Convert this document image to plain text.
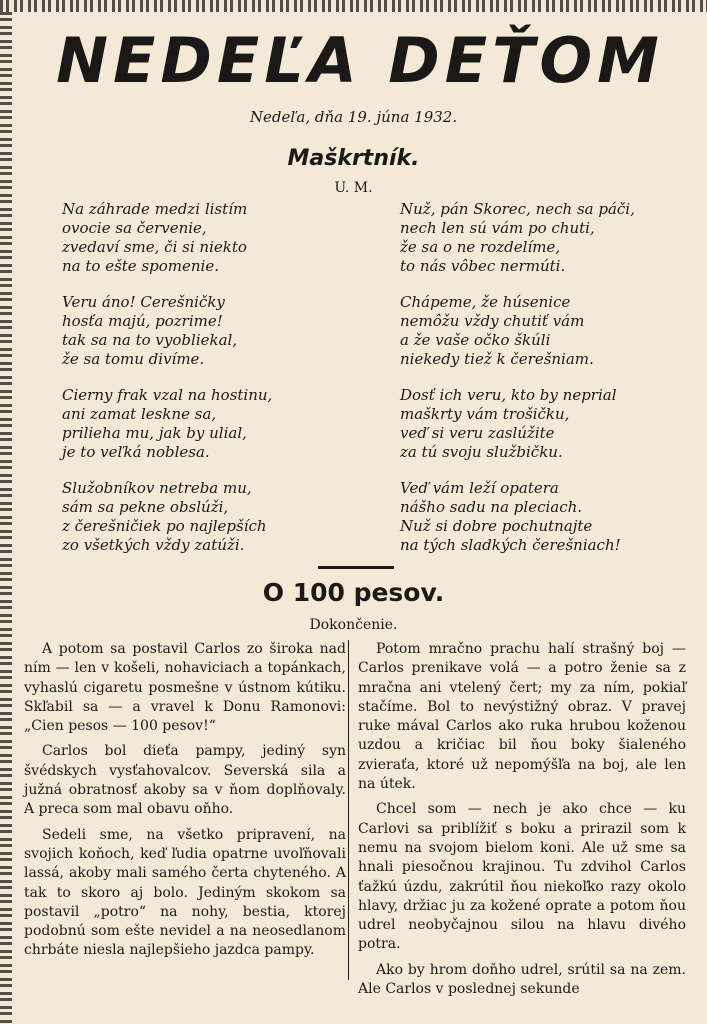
NEDEĽA DEŤOM
Nedeľa, dňa 19. júna 1932.
Maškrtník.
U. M.
Na záhrade medzi listím
ovocie sa červenie,
zvedaví sme, či si niekto
na to ešte spomenie.
Veru áno! Cerešničky
hosťa majú, pozrime!
tak sa na to vyobliekal,
že sa tomu divíme.
Cierny frak vzal na hostinu,
ani zamat leskne sa,
prilieha mu, jak by ulial,
je to veľká noblesa.
Služobníkov netreba mu,
sám sa pekne obslúži,
z čerešničiek po najlepších
zo všetkých vždy zatúži.
Nuž, pán Skorec, nech sa páči,
nech len sú vám po chuti,
že sa o ne rozdelíme,
to nás vôbec nermúti.
Chápeme, že húsenice
nemôžu vždy chutiť vám
a že vaše očko škúli
niekedy tiež k čerešniam.
Dosť ich veru, kto by neprial
maškrty vám trošičku,
veď si veru zaslúžite
za tú svoju službičku.
Veď vám leží opatera
nášho sadu na pleciach.
Nuž si dobre pochutnajte
na tých sladkých čerešniach!
O 100 pesov.
Dokončenie.

A potom sa postavil Carlos zo široka nad ním — len v košeli, nohaviciach a topánkach, vyhaslú cigaretu posmešne v ústnom kútiku. Skľabil sa — a vravel k Donu Ramonovi: „Cien pesos — 100 pesov!“

Carlos bol dieťa pampy, jediný syn švédskych vysťahovalcov. Severská sila a južná obratnosť akoby sa v ňom doplňovaly. A preca som mal obavu oňho.

Sedeli sme, na všetko pripravení, na svojich koňoch, keď ľudia opatrne uvoľňovali lassá, akoby mali samého čerta chyteného. A tak to skoro aj bolo. Jediným skokom sa postavil „potro“ na nohy, bestia, ktorej podobnú som ešte nevidel a na neosedlanom chrbáte niesla najlepšieho jazdca pampy.

Potom mračno prachu halí strašný boj — Carlos prenikave volá — a potro ženie sa z mračna ani vtelený čert; my za ním, pokiaľ stačíme. Bol to nevýstižný obraz. V pravej ruke mával Carlos ako ruka hrubou koženou uzdou a kričiac bil ňou boky šialeného zvieraťa, ktoré už nepomýšľa na boj, ale len na útek.

Chcel som — nech je ako chce — ku Carlovi sa priblížiť s boku a prirazil som k nemu na svojom bielom koni. Ale už sme sa hnali piesočnou krajinou. Tu zdvihol Carlos ťažkú úzdu, zakrútil ňou niekoľko razy okolo hlavy, držiac ju za kožené oprate a potom ňou udrel neobyčajnou silou na hlavu divého potra.

Ako by hrom doňho udrel, srútil sa na zem. Ale Carlos v poslednej sekunde
